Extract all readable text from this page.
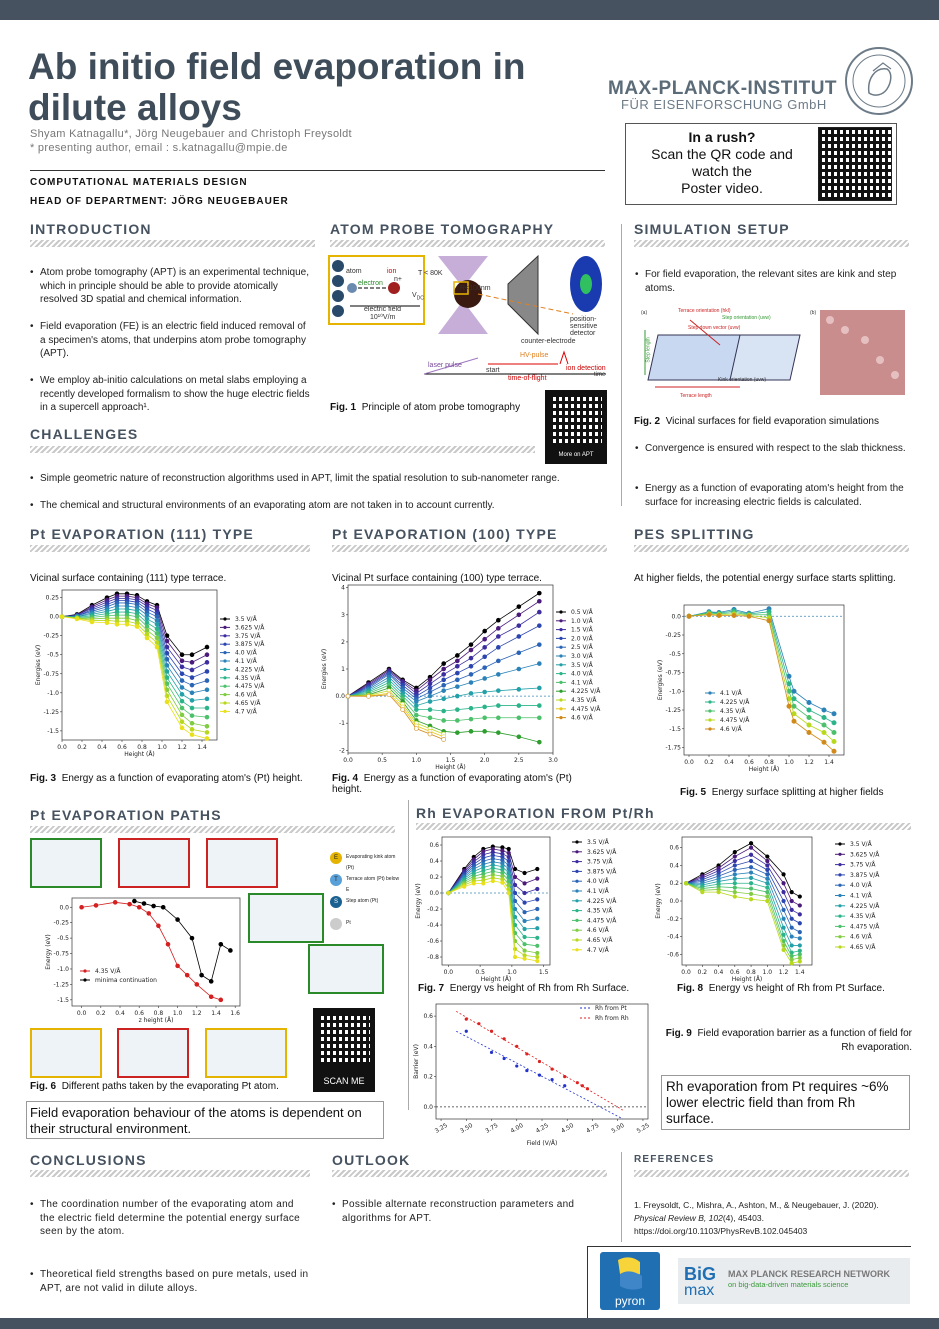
Ab initio field evaporation in
dilute alloys
Shyam Katnagallu*, Jörg Neugebauer and Christoph Freysoldt
* presenting author, email : s.katnagallu@mpie.de
COMPUTATIONAL MATERIALS DESIGN
HEAD OF DEPARTMENT: JÖRG NEUGEBAUER
MAX-PLANCK-INSTITUT
FÜR EISENFORSCHUNG GmbH
In a rush?
Scan the QR code and
watch the
Poster video.
INTRODUCTION	ATOM PROBE TOMOGRAPHY	SIMULATION SETUP
• Atom probe tomography (APT) is an experimental technique, which in principle should be able to provide atomically resolved 3D spatial and chemical information.
• Field evaporation (FE) is an electric field induced removal of a specimen's atoms, that underpins atom probe tomography (APT).
• We employ ab-initio calculations on metal slabs employing a recently developed formalism to show the huge electric fields in a supercell approach¹.
CHALLENGES
• Simple geometric nature of reconstruction algorithms used in APT, limit the spatial resolution to sub-nanometer range.
• The chemical and structural environments of an evaporating atom are not taken in to account currently.
atom	ion
n+
electron
electric field
10¹⁰V/m
T < 80K
R<100nm
$V_{DC}$
counter-electrode
HV-pulse
position-sensitive detector
laser pulse
start
time-of-flight
ion detection
time
Fig. 1 Principle of atom probe tomography
More on APT
• For field evaporation, the relevant sites are kink and step atoms.
(a)	(b)
Terrace orientation (hkl)
Step orientation (uvw)
Step down vector (uvw)
Step length
Kink orientation (uvw)
Terrace length
Fig. 2 Vicinal surfaces for field evaporation simulations
• Convergence is ensured with respect to the slab thickness.
• Energy as a function of evaporating atom's height from the surface for increasing electric fields is calculated.
Pt EVAPORATION (111) TYPE	Pt EVAPORATION (100) TYPE	PES SPLITTING
Vicinal surface containing (111) type terrace.	Vicinal Pt surface containing (100) type terrace.	At higher fields, the potential energy surface starts splitting.
0.0 0.2 0.4 0.6 0.8 1.0 1.2 1.4
0.25
0.0
-0.25
-0.5
-0.75
-1.0
-1.25
-1.5
Height (Å)
Energies (eV)
3.5 V/Å
3.625 V/Å
3.75 V/Å
3.875 V/Å
4.0 V/Å
4.1 V/Å
4.225 V/Å
4.35 V/Å
4.475 V/Å
4.6 V/Å
4.65 V/Å
4.7 V/Å
0.0	0.5	1.0	1.5	2.0	2.5	3.0
4
3
2
1
0.0
-1
-2
Height (Å)
Energies (eV)
0.5 V/Å
1.0 V/Å
1.5 V/Å
2.0 V/Å
2.5 V/Å
3.0 V/Å
3.5 V/Å
4.0 V/Å
4.1 V/Å
4.225 V/Å
4.35 V/Å
4.475 V/Å
4.6 V/Å
0.0 0.2 0.4 0.6 0.8 1.0 1.2 1.4
0.0
-0.25
-0.5
-0.75
-1.0
-1.25
-1.5
-1.75
Height (Å)
Energies (eV)	4.1 V/Å
4.225 V/Å
4.35 V/Å
4.475 V/Å
4.6 V/Å
Fig. 3 Energy as a function of evaporating atom's (Pt) height.	Fig. 4 Energy as a function of evaporating atom's (Pt) height.	Fig. 5 Energy surface splitting at higher fields
Pt EVAPORATION PATHS	Rh EVAPORATION FROM Pt/Rh
E	Evaporating kink atom (Pt)
T	Terrace atom (Pt) below E
S	Step atom (Pt)
Pt
0.0 0.2 0.4 0.6 0.8 1.0 1.2 1.4 1.6
0.0
-0.25
-0.5
-0.75
-1.0
-1.25
-1.5
z height (Å)
Energy (eV)
4.35 V/Å
minima continuation
SCAN ME
Fig. 6 Different paths taken by the evaporating Pt atom.
Field evaporation behaviour of the atoms is dependent on their structural environment.
0.0	0.5	1.0	1.5
0.6
0.4
0.2
0.0
-0.2
-0.4
-0.6
-0.8
Height (Å)
Energy (eV)
3.5 V/Å
3.625 V/Å
3.75 V/Å
3.875 V/Å
4.0 V/Å
4.1 V/Å
4.225 V/Å
4.35 V/Å
4.475 V/Å
4.6 V/Å
4.65 V/Å
4.7 V/Å
0.0 0.2 0.4 0.6 0.8 1.0 1.2 1.4
0.6
0.4
0.2
0.0
-0.2
-0.4
-0.6
Height (Å)
Energy (eV)
3.5 V/Å
3.625 V/Å
3.75 V/Å
3.875 V/Å
4.0 V/Å
4.1 V/Å
4.225 V/Å
4.35 V/Å
4.475 V/Å
4.6 V/Å
4.65 V/Å
Fig. 7 Energy vs height of Rh from Rh Surface.	Fig. 8 Energy vs height of Rh from Pt Surface.
3.25 3.50 3.75 4.00 4.25 4.50 4.75 5.00 5.25
0.6
0.4
0.2
0.0
Field (V/Å)
Barrier (eV)
Rh from Pt
Rh from Rh
Fig. 9 Field evaporation barrier as a function of field for Rh evaporation.
Rh evaporation from Pt requires ~6% lower electric field than from Rh surface.
CONCLUSIONS	OUTLOOK	REFERENCES
• The coordination number of the evaporating atom and the electric field determine the potential energy surface seen by the atom.
• Theoretical field strengths based on pure metals, used in APT, are not valid in dilute alloys.
• Possible alternate reconstruction parameters and algorithms for APT.
1. Freysoldt, C., Mishra, A., Ashton, M., & Neugebauer, J. (2020). Physical Review B, 102(4), 45403. https://doi.org/10.1103/PhysRevB.102.045403
pyron
BiG
max
MAX PLANCK RESEARCH NETWORK
on big-data-driven materials science
